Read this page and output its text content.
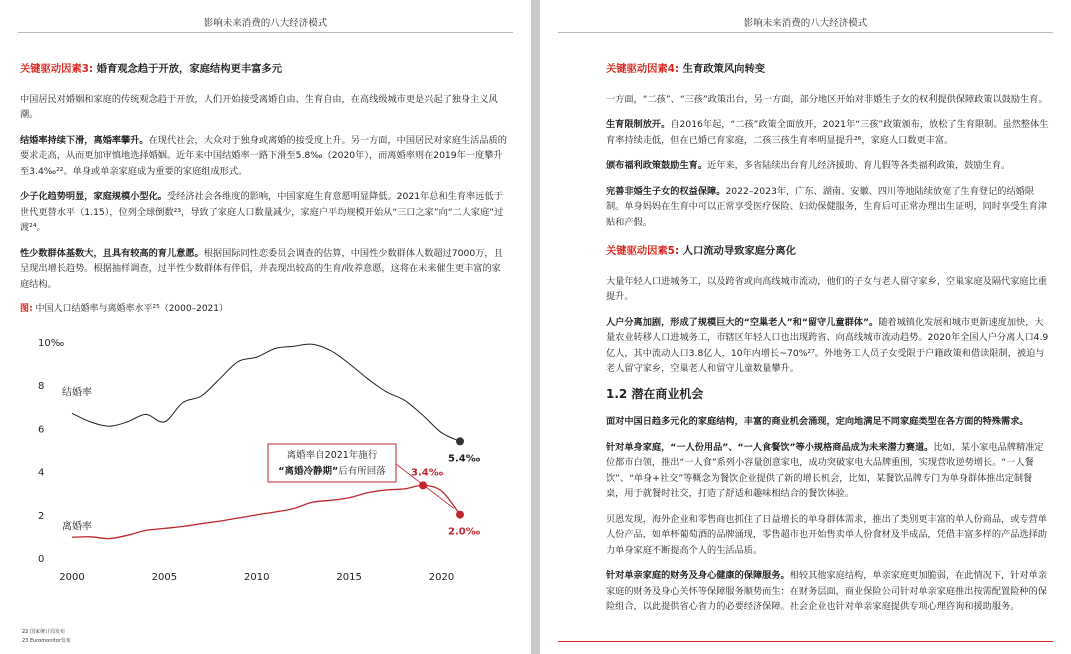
影响未来消费的八大经济模式
关键驱动因素3: 婚育观念趋于开放，家庭结构更丰富多元

中国居民对婚姻和家庭的传统观念趋于开放，人们开始接受离婚自由、生育自由，在高线级城市更是兴起了独身主义风潮。

结婚率持续下滑，离婚率攀升。在现代社会，大众对于独身或离婚的接受度上升。另一方面，中国居民对家庭生活品质的要求走高，从而更加审慎地选择婚姻。近年来中国结婚率一路下滑至5.8‰（2020年），而离婚率则在2019年一度攀升至3.4‰²²。单身或单亲家庭成为重要的家庭组成形式。

少子化趋势明显，家庭规模小型化。受经济社会各维度的影响，中国家庭生育意愿明显降低。2021年总和生育率远低于世代更替水平（1.15），位列全球倒数²³，导致了家庭人口数量减少，家庭户平均规模开始从“三口之家”向“二人家庭”过渡²⁴。

性少数群体基数大，且具有较高的育儿意愿。根据国际同性恋委员会调查的估算，中国性少数群体人数超过7000万，且呈现出增长趋势。根据抽样调查，过半性少数群体有伴侣，并表现出较高的生育/收养意愿，这将在未来催生更丰富的家庭结构。

图: 中国人口结婚率与离婚率水平²⁵（2000–2021）
0
2
4
6
8
10‰
2000	2005	2010	2015	2020
结婚率
5.4‰
离婚率	2.0‰
3.4‰
离婚率自2021年施行
“离婚冷静期”后有所回落
22 国家统计局发布
23 Euromonitor发布
影响未来消费的八大经济模式
关键驱动因素4: 生育政策风向转变

一方面，“二孩”、“三孩”政策出台，另一方面，部分地区开始对非婚生子女的权利提供保障政策以鼓励生育。

生育限制放开。自2016年起，“二孩”政策全面放开，2021年“三孩”政策颁布，放松了生育限制。虽然整体生育率持续走低，但在已婚已育家庭，二孩三孩生育率明显提升²⁶，家庭人口数更丰富。

颁布福利政策鼓励生育。近年来，多省陆续出台育儿经济援助、育儿假等各类福利政策，鼓励生育。

完善非婚生子女的权益保障。2022–2023年，广东、湖南、安徽、四川等地陆续放宽了生育登记的结婚限制。单身妈妈在生育中可以正常享受医疗保险、妇幼保健服务，生育后可正常办理出生证明，同时享受生育津贴和产假。

关键驱动因素5: 人口流动导致家庭分离化

大量年轻人口进城务工，以及跨省或向高线城市流动，他们的子女与老人留守家乡，空巢家庭及隔代家庭比重提升。

人户分离加剧，形成了规模巨大的“空巢老人”和“留守儿童群体”。随着城镇化发展和城市更新速度加快，大量农业转移人口进城务工，市辖区年轻人口也出现跨省、向高线城市流动趋势。2020年全国人户分离人口4.9亿人，其中流动人口3.8亿人，10年内增长~70%²⁷。外地务工人员子女受限于户籍政策和借读限制，被迫与老人留守家乡，空巢老人和留守儿童数量攀升。

1.2 潜在商业机会

面对中国日趋多元化的家庭结构，丰富的商业机会涌现，定向地满足不同家庭类型在各方面的特殊需求。

针对单身家庭，“一人份用品”、“一人食餐饮”等小规格商品成为未来潜力赛道。比如，某小家电品牌精准定位都市白领，推出“一人食”系列小容量创意家电，成功突破家电大品牌重围，实现营收逆势增长。“一人餐饮”、“单身+社交”等概念为餐饮企业提供了新的增长机会，比如，某餐饮品牌专门为单身群体推出定制餐桌，用于就餐时社交，打造了舒适和趣味相结合的餐饮体验。

贝恩发现，海外企业和零售商也抓住了日益增长的单身群体需求，推出了类别更丰富的单人份商品，或专营单人份产品，如单杯葡萄酒的品牌涌现，零售超市也开始售卖单人份食材及半成品，凭借丰富多样的产品选择助力单身家庭不断提高个人的生活品质。

针对单亲家庭的财务及身心健康的保障服务。相较其他家庭结构，单亲家庭更加脆弱，在此情况下，针对单亲家庭的财务及身心关怀等保障服务顺势而生：在财务层面，商业保险公司针对单亲家庭推出按需配置险种的保险组合，以此提供省心省力的必要经济保障。社会企业也针对单亲家庭提供专项心理咨询和援助服务。
